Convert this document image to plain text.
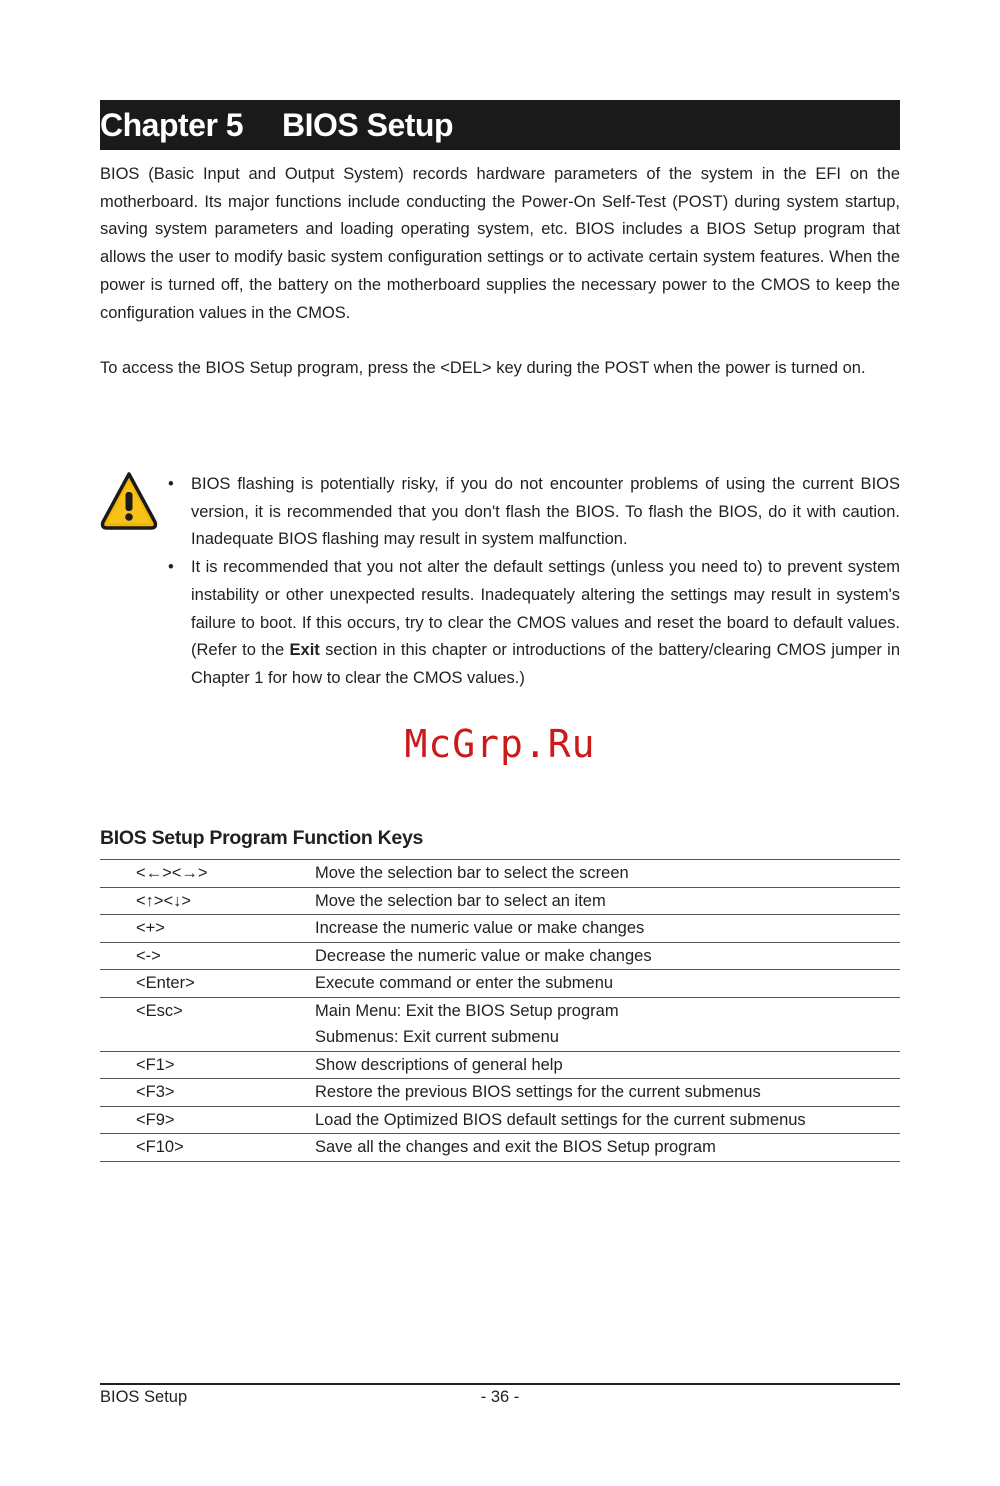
Chapter 5	BIOS Setup

BIOS (Basic Input and Output System) records hardware parameters of the system in the EFI on the motherboard. Its major functions include conducting the Power-On Self-Test (POST) during system startup, saving system parameters and loading operating system, etc. BIOS includes a BIOS Setup program that allows the user to modify basic system configuration settings or to activate certain system features. When the power is turned off, the battery on the motherboard supplies the necessary power to the CMOS to keep the configuration values in the CMOS.

To access the BIOS Setup program, press the <DEL> key during the POST when the power is turned on.

• BIOS flashing is potentially risky, if you do not encounter problems of using the current BIOS version, it is recommended that you don't flash the BIOS. To flash the BIOS, do it with caution. Inadequate BIOS flashing may result in system malfunction.
• It is recommended that you not alter the default settings (unless you need to) to prevent system instability or other unexpected results. Inadequately altering the settings may result in system's failure to boot. If this occurs, try to clear the CMOS values and reset the board to default values. (Refer to the Exit section in this chapter or introductions of the battery/clearing CMOS jumper in Chapter 1 for how to clear the CMOS values.)
McGrp.Ru
BIOS Setup Program Function Keys
<←><→>	Move the selection bar to select the screen
<↑><↓>	Move the selection bar to select an item
<+>	Increase the numeric value or make changes
<->	Decrease the numeric value or make changes
<Enter>	Execute command or enter the submenu
<Esc>	Main Menu: Exit the BIOS Setup program
Submenus: Exit current submenu

<F1>	Show descriptions of general help
<F3>	Restore the previous BIOS settings for the current submenus
<F9>	Load the Optimized BIOS default settings for the current submenus
<F10>	Save all the changes and exit the BIOS Setup program
BIOS Setup	- 36 -
